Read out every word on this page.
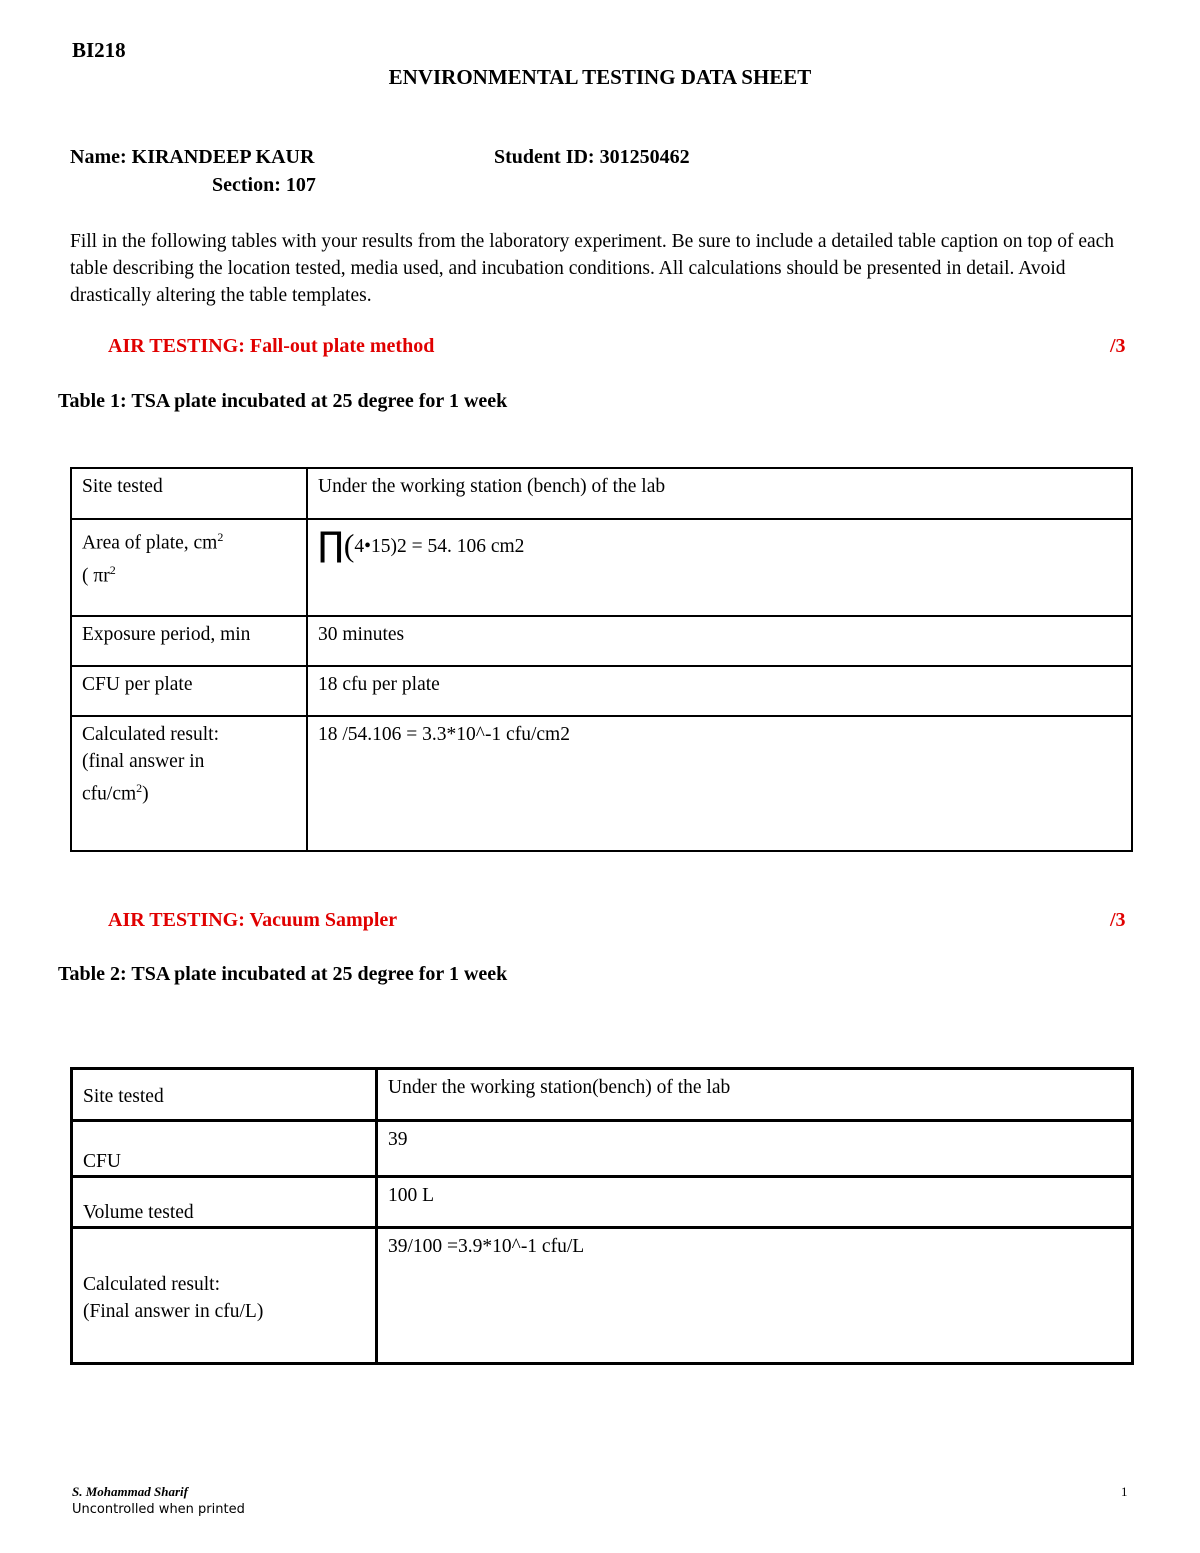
BI218
ENVIRONMENTAL TESTING DATA SHEET
Name: KIRANDEEP KAUR	Student ID: 301250462
Section: 107
Fill in the following tables with your results from the laboratory experiment. Be sure to include a detailed table caption on top of each table describing the location tested, media used, and incubation conditions. All calculations should be presented in detail. Avoid drastically altering the table templates.
AIR TESTING: Fall-out plate method	/3
Table 1: TSA plate incubated at 25 degree for 1 week
Site tested	Under the working station (bench) of the lab
Area of plate, $cm^2$
( $\pi r^2$	∏(4•15)2 = 54. 106 cm2
Exposure period, min	30 minutes
CFU per plate	18 cfu per plate
Calculated result:
(final answer in
cfu/$cm^2$)	18 /54.106 = 3.3*10^-1 cfu/cm2
AIR TESTING: Vacuum Sampler	/3
Table 2: TSA plate incubated at 25 degree for 1 week
Site tested	Under the working station(bench) of the lab
CFU	39
Volume tested	100 L
Calculated result:
(Final answer in cfu/L)	39/100 =3.9*10^-1 cfu/L
S. Mohammad Sharif
Uncontrolled when printed
1
